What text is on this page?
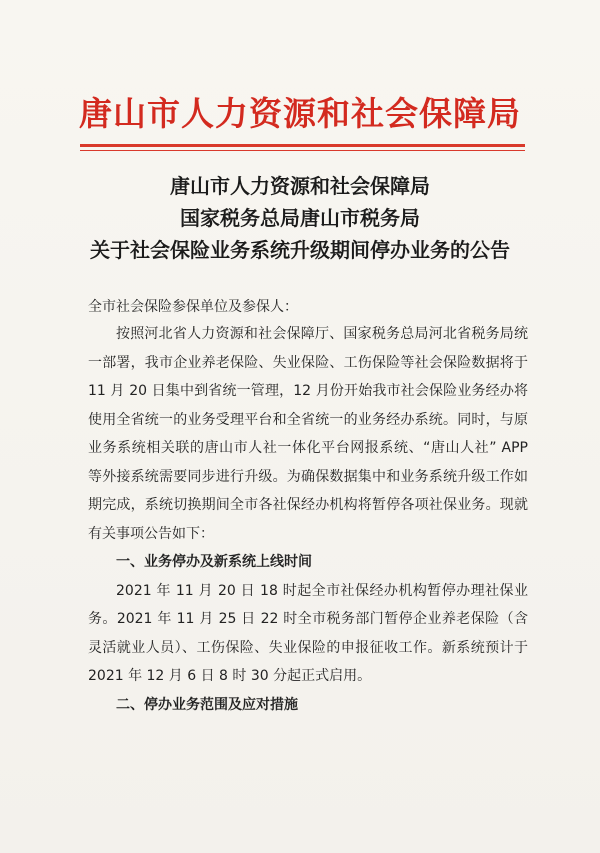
唐山市人力资源和社会保障局
唐山市人力资源和社会保障局
国家税务总局唐山市税务局
关于社会保险业务系统升级期间停办业务的公告
全市社会保险参保单位及参保人：

按照河北省人力资源和社会保障厅、国家税务总局河北省税务局统一部署，我市企业养老保险、失业保险、工伤保险等社会保险数据将于 11 月 20 日集中到省统一管理，12 月份开始我市社会保险业务经办将使用全省统一的业务受理平台和全省统一的业务经办系统。同时，与原业务系统相关联的唐山市人社一体化平台网报系统、“唐山人社” APP 等外接系统需要同步进行升级。为确保数据集中和业务系统升级工作如期完成，系统切换期间全市各社保经办机构将暂停各项社保业务。现就有关事项公告如下：

一、业务停办及新系统上线时间

2021 年 11 月 20 日 18 时起全市社保经办机构暂停办理社保业务。2021 年 11 月 25 日 22 时全市税务部门暂停企业养老保险（含灵活就业人员）、工伤保险、失业保险的申报征收工作。新系统预计于 2021 年 12 月 6 日 8 时 30 分起正式启用。

二、停办业务范围及应对措施
